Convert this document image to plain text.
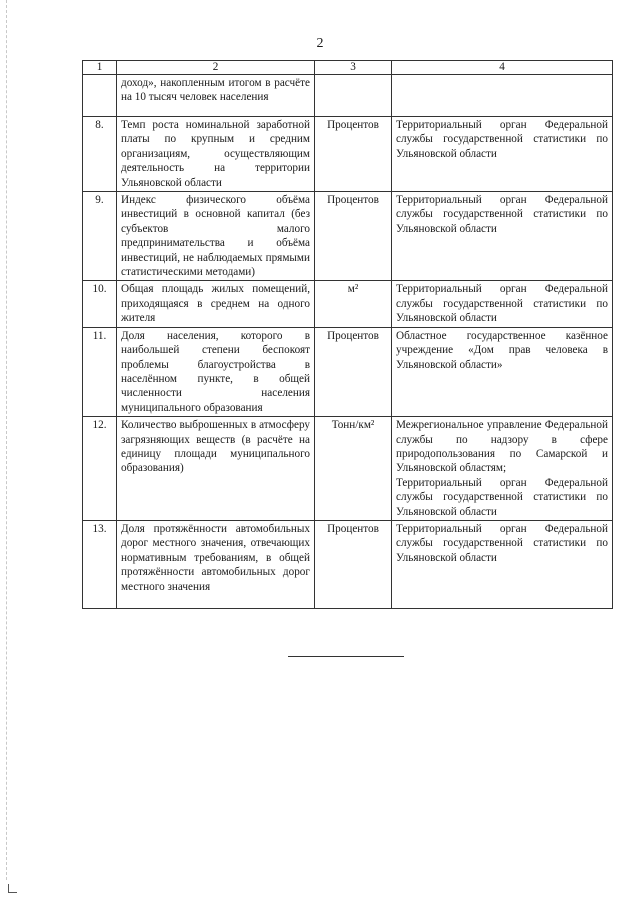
2
1	2	3	4
	доход», накопленным итогом в расчёте на 10 тысяч человек населения		

8.	Темп роста номинальной заработной платы по крупным и средним организациям, осуществляющим деятельность на территории Ульяновской области	Процентов	Территориальный орган Федеральной службы государственной статистики по Ульяновской области

9.	Индекс физического объёма инвестиций в основной капитал (без субъектов малого предпринимательства и объёма инвестиций, не наблюдаемых прямыми статистическими методами)	Процентов	Территориальный орган Федеральной службы государственной статистики по Ульяновской области

10.	Общая площадь жилых помещений, приходящаяся в среднем на одного жителя	м²	Территориальный орган Федеральной службы государственной статистики по Ульяновской области

11.	Доля населения, которого в наибольшей степени беспокоят проблемы благоустройства в населённом пункте, в общей численности населения муниципального образования	Процентов	Областное государственное казённое учреждение «Дом прав человека в Ульяновской области»

12.	Количество выброшенных в атмосферу загрязняющих веществ (в расчёте на единицу площади муниципального образования)	Тонн/км²	Межрегиональное управление Федеральной службы по надзору в сфере природопользования по Самарской и Ульяновской областям;
Территориальный орган Федеральной службы государственной статистики по Ульяновской области

13.	Доля протяжённости автомобильных дорог местного значения, отвечающих нормативным требованиям, в общей протяжённости автомобильных дорог местного значения	Процентов	Территориальный орган Федеральной службы государственной статистики по Ульяновской области
